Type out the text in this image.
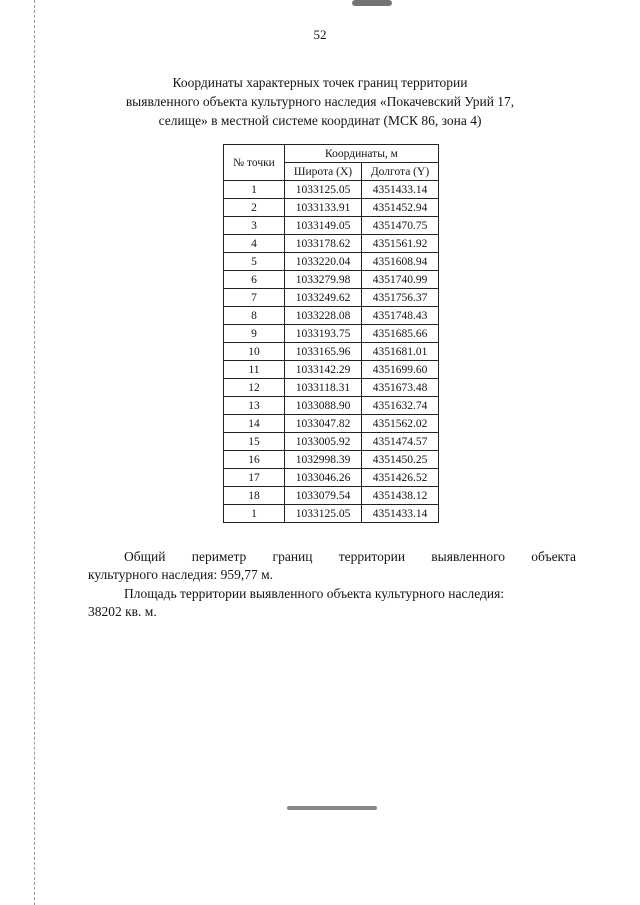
52
Координаты характерных точек границ территории
выявленного объекта культурного наследия «Покачевский Урий 17,
селище» в местной системе координат (МСК 86, зона 4)
№ точки	Координаты, м	
	Широта (X)	Долгота (Y)
1	1033125.05	4351433.14
2	1033133.91	4351452.94
3	1033149.05	4351470.75
4	1033178.62	4351561.92
5	1033220.04	4351608.94
6	1033279.98	4351740.99
7	1033249.62	4351756.37
8	1033228.08	4351748.43
9	1033193.75	4351685.66
10	1033165.96	4351681.01
11	1033142.29	4351699.60
12	1033118.31	4351673.48
13	1033088.90	4351632.74
14	1033047.82	4351562.02
15	1033005.92	4351474.57
16	1032998.39	4351450.25
17	1033046.26	4351426.52
18	1033079.54	4351438.12
1	1033125.05	4351433.14
Общий периметр границ территории выявленного объекта
культурного наследия: 959,77 м.
Площадь территории выявленного объекта культурного наследия:
38202 кв. м.
